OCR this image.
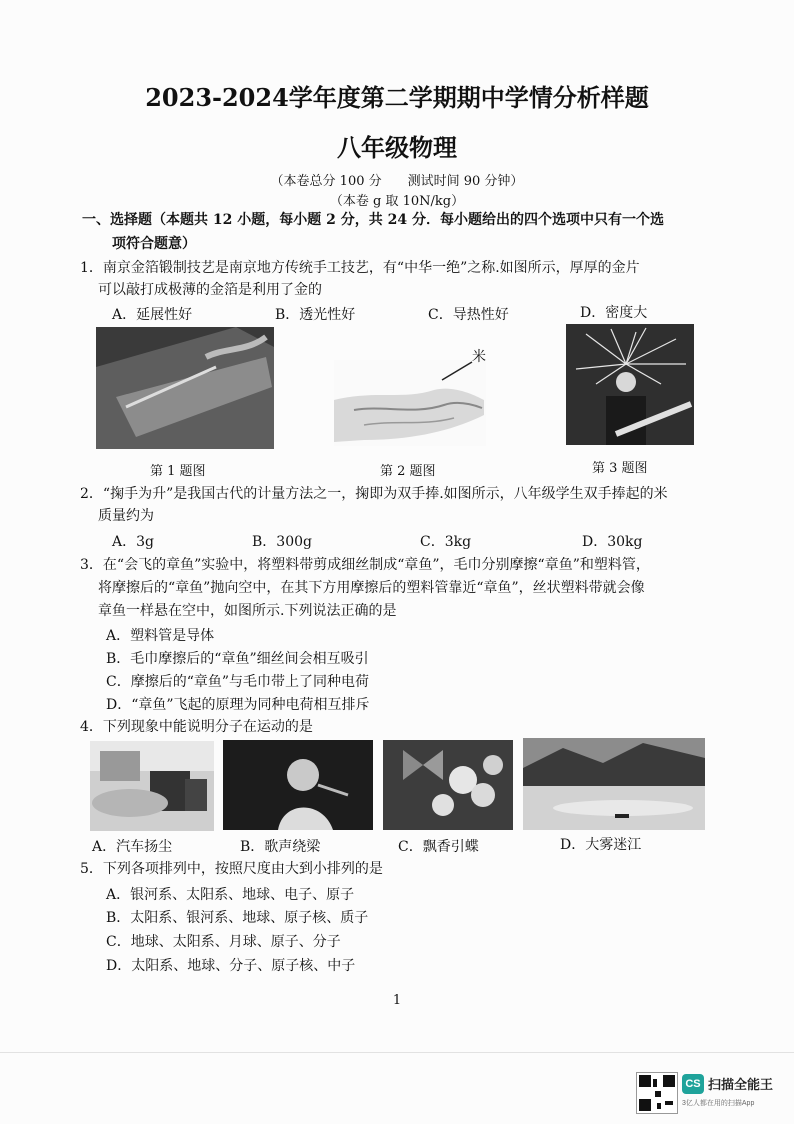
2023-2024学年度第二学期期中学情分析样题
八年级物理
（本卷总分 100 分　　测试时间 90 分钟）
（本卷 g 取 10N/kg）
一、选择题（本题共 12 小题，每小题 2 分，共 24 分．每小题给出的四个选项中只有一个选
项符合题意）
1．南京金箔锻制技艺是南京地方传统手工技艺，有“中华一绝”之称.如图所示，厚厚的金片
可以敲打成极薄的金箔是利用了金的
A．延展性好	B．透光性好	C．导热性好	D．密度大
米
第 1 题图	第 2 题图	第 3 题图
2．“掬手为升”是我国古代的计量方法之一，掬即为双手捧.如图所示，八年级学生双手捧起的米
质量约为
A．3g	B．300g	C．3kg	D．30kg
3．在“会飞的章鱼”实验中，将塑料带剪成细丝制成“章鱼”，毛巾分别摩擦“章鱼”和塑料管，
将摩擦后的“章鱼”抛向空中，在其下方用摩擦后的塑料管靠近“章鱼”，丝状塑料带就会像
章鱼一样悬在空中，如图所示.下列说法正确的是
A．塑料管是导体
B．毛巾摩擦后的“章鱼”细丝间会相互吸引
C．摩擦后的“章鱼”与毛巾带上了同种电荷
D．“章鱼”飞起的原理为同种电荷相互排斥
4．下列现象中能说明分子在运动的是
A．汽车扬尘	B．歌声绕梁	C．飘香引蝶	D．大雾迷江
5．下列各项排列中，按照尺度由大到小排列的是
A．银河系、太阳系、地球、电子、原子
B．太阳系、银河系、地球、原子核、质子
C．地球、太阳系、月球、原子、分子
D．太阳系、地球、分子、原子核、中子
1
CS 扫描全能王
3亿人都在用的扫描App
